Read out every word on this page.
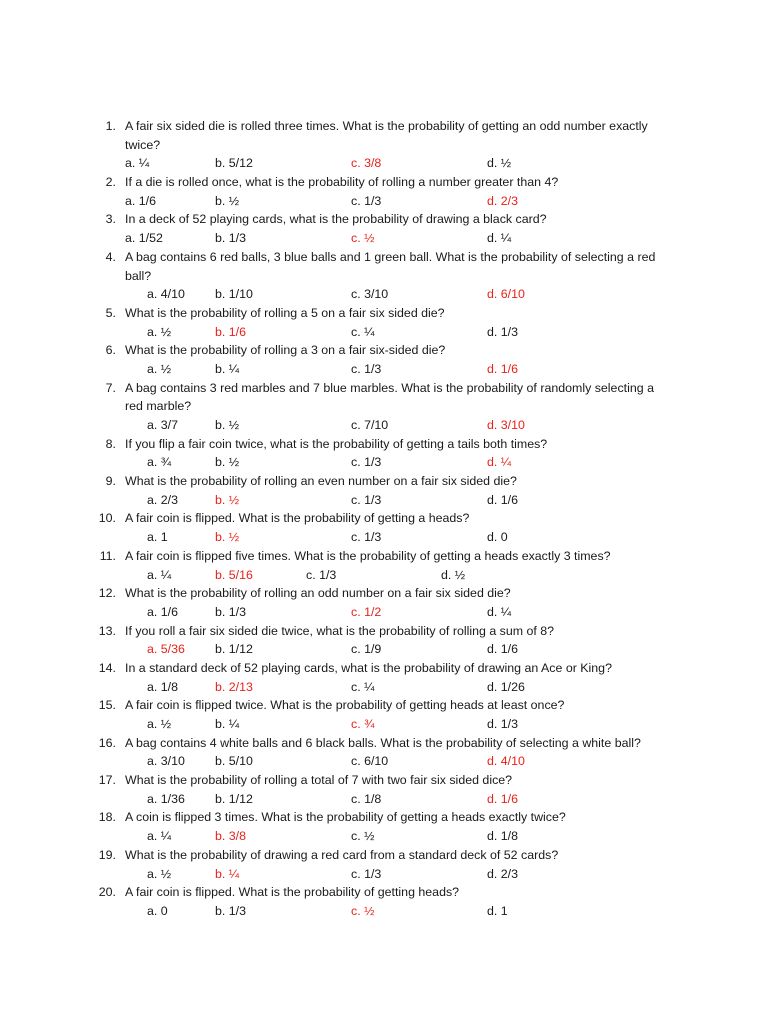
1. A fair six sided die is rolled three times. What is the probability of getting an odd number exactly
twice?
a. ¼	b. 5/12	c. 3/8	d. ½
2. If a die is rolled once, what is the probability of rolling a number greater than 4?
a. 1/6	b. ½	c. 1/3	d. 2/3
3. In a deck of 52 playing cards, what is the probability of drawing a black card?
a. 1/52	b. 1/3	c. ½	d. ¼
4. A bag contains 6 red balls, 3 blue balls and 1 green ball. What is the probability of selecting a red
ball?
a. 4/10 b. 1/10	c. 3/10	d. 6/10
5. What is the probability of rolling a 5 on a fair six sided die?
a. ½	b. 1/6	c. ¼	d. 1/3
6. What is the probability of rolling a 3 on a fair six-sided die?
a. ½	b. ¼	c. 1/3	d. 1/6
7. A bag contains 3 red marbles and 7 blue marbles. What is the probability of randomly selecting a
red marble?
a. 3/7	b. ½	c. 7/10	d. 3/10
8. If you flip a fair coin twice, what is the probability of getting a tails both times?
a. ¾	b. ½	c. 1/3	d. ¼
9. What is the probability of rolling an even number on a fair six sided die?
a. 2/3	b. ½	c. 1/3	d. 1/6
10. A fair coin is flipped. What is the probability of getting a heads?
a. 1	b. ½	c. 1/3	d. 0
11. A fair coin is flipped five times. What is the probability of getting a heads exactly 3 times?
a. ¼	b. 5/16	c. 1/3	d. ½
12. What is the probability of rolling an odd number on a fair six sided die?
a. 1/6	b. 1/3	c. 1/2	d. ¼
13. If you roll a fair six sided die twice, what is the probability of rolling a sum of 8?
a. 5/36 b. 1/12	c. 1/9	d. 1/6
14. In a standard deck of 52 playing cards, what is the probability of drawing an Ace or King?
a. 1/8	b. 2/13	c. ¼	d. 1/26
15. A fair coin is flipped twice. What is the probability of getting heads at least once?
a. ½	b. ¼	c. ¾	d. 1/3
16. A bag contains 4 white balls and 6 black balls. What is the probability of selecting a white ball?
a. 3/10 b. 5/10	c. 6/10	d. 4/10
17. What is the probability of rolling a total of 7 with two fair six sided dice?
a. 1/36 b. 1/12	c. 1/8	d. 1/6
18. A coin is flipped 3 times. What is the probability of getting a heads exactly twice?
a. ¼	b. 3/8	c. ½	d. 1/8
19. What is the probability of drawing a red card from a standard deck of 52 cards?
a. ½	b. ¼	c. 1/3	d. 2/3
20. A fair coin is flipped. What is the probability of getting heads?
a. 0	b. 1/3	c. ½	d. 1
